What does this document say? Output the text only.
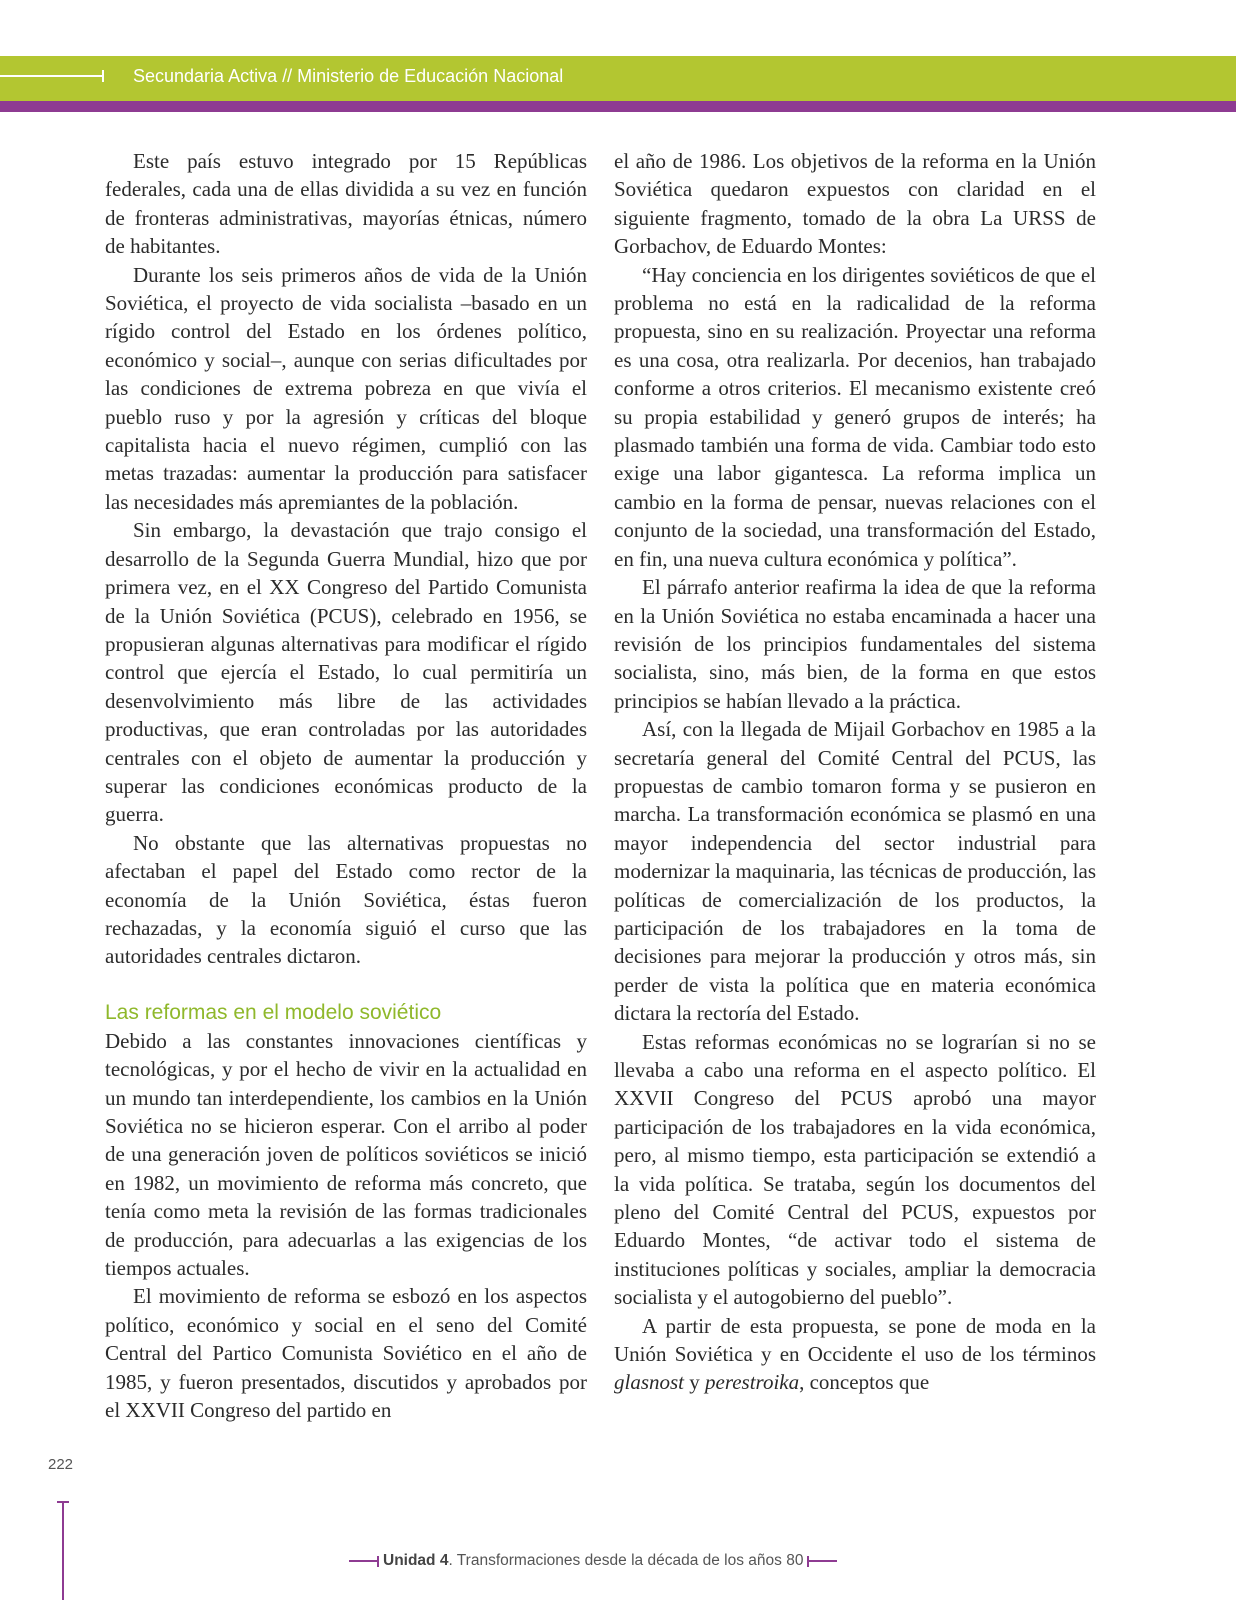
Secundaria Activa // Ministerio de Educación Nacional

Este país estuvo integrado por 15 Repúblicas federales, cada una de ellas dividida a su vez en función de fronteras administrativas, mayorías étnicas, número de habitantes.

Durante los seis primeros años de vida de la Unión Soviética, el proyecto de vida socialista –basado en un rígido control del Estado en los órdenes político, económico y social–, aunque con serias dificultades por las condiciones de extrema pobreza en que vivía el pueblo ruso y por la agresión y críticas del bloque capitalista hacia el nuevo régimen, cumplió con las metas trazadas: aumentar la producción para satisfacer las necesidades más apremiantes de la población.

Sin embargo, la devastación que trajo consigo el desarrollo de la Segunda Guerra Mundial, hizo que por primera vez, en el XX Congreso del Partido Comunista de la Unión Soviética (PCUS), celebrado en 1956, se propusieran algunas alternativas para modificar el rígido control que ejercía el Estado, lo cual permitiría un desenvolvimiento más libre de las actividades productivas, que eran controladas por las autoridades centrales con el objeto de aumentar la producción y superar las condiciones económicas producto de la guerra.

No obstante que las alternativas propuestas no afectaban el papel del Estado como rector de la economía de la Unión Soviética, éstas fueron rechazadas, y la economía siguió el curso que las autoridades centrales dictaron.

Las reformas en el modelo soviético

Debido a las constantes innovaciones científicas y tecnológicas, y por el hecho de vivir en la actualidad en un mundo tan interdependiente, los cambios en la Unión Soviética no se hicieron esperar. Con el arribo al poder de una generación joven de políticos soviéticos se inició en 1982, un movimiento de reforma más concreto, que tenía como meta la revisión de las formas tradicionales de producción, para adecuarlas a las exigencias de los tiempos actuales.

El movimiento de reforma se esbozó en los aspectos político, económico y social en el seno del Comité Central del Partico Comunista Soviético en el año de 1985, y fueron presentados, discutidos y aprobados por el XXVII Congreso del partido en

el año de 1986. Los objetivos de la reforma en la Unión Soviética quedaron expuestos con claridad en el siguiente fragmento, tomado de la obra La URSS de Gorbachov, de Eduardo Montes:

“Hay conciencia en los dirigentes soviéticos de que el problema no está en la radicalidad de la reforma propuesta, sino en su realización. Proyectar una reforma es una cosa, otra realizarla. Por decenios, han trabajado conforme a otros criterios. El mecanismo existente creó su propia estabilidad y generó grupos de interés; ha plasmado también una forma de vida. Cambiar todo esto exige una labor gigantesca. La reforma implica un cambio en la forma de pensar, nuevas relaciones con el conjunto de la sociedad, una transformación del Estado, en fin, una nueva cultura económica y política”.

El párrafo anterior reafirma la idea de que la reforma en la Unión Soviética no estaba encaminada a hacer una revisión de los principios fundamentales del sistema socialista, sino, más bien, de la forma en que estos principios se habían llevado a la práctica.

Así, con la llegada de Mijail Gorbachov en 1985 a la secretaría general del Comité Central del PCUS, las propuestas de cambio tomaron forma y se pusieron en marcha. La transformación económica se plasmó en una mayor independencia del sector industrial para modernizar la maquinaria, las técnicas de producción, las políticas de comercialización de los productos, la participación de los trabajadores en la toma de decisiones para mejorar la producción y otros más, sin perder de vista la política que en materia económica dictara la rectoría del Estado.

Estas reformas económicas no se lograrían si no se llevaba a cabo una reforma en el aspecto político. El XXVII Congreso del PCUS aprobó una mayor participación de los trabajadores en la vida económica, pero, al mismo tiempo, esta participación se extendió a la vida política. Se trataba, según los documentos del pleno del Comité Central del PCUS, expuestos por Eduardo Montes, “de activar todo el sistema de instituciones políticas y sociales, ampliar la democracia socialista y el autogobierno del pueblo”.

A partir de esta propuesta, se pone de moda en la Unión Soviética y en Occidente el uso de los términos glasnost y perestroika, conceptos que

222
Unidad 4. Transformaciones desde la década de los años 80
